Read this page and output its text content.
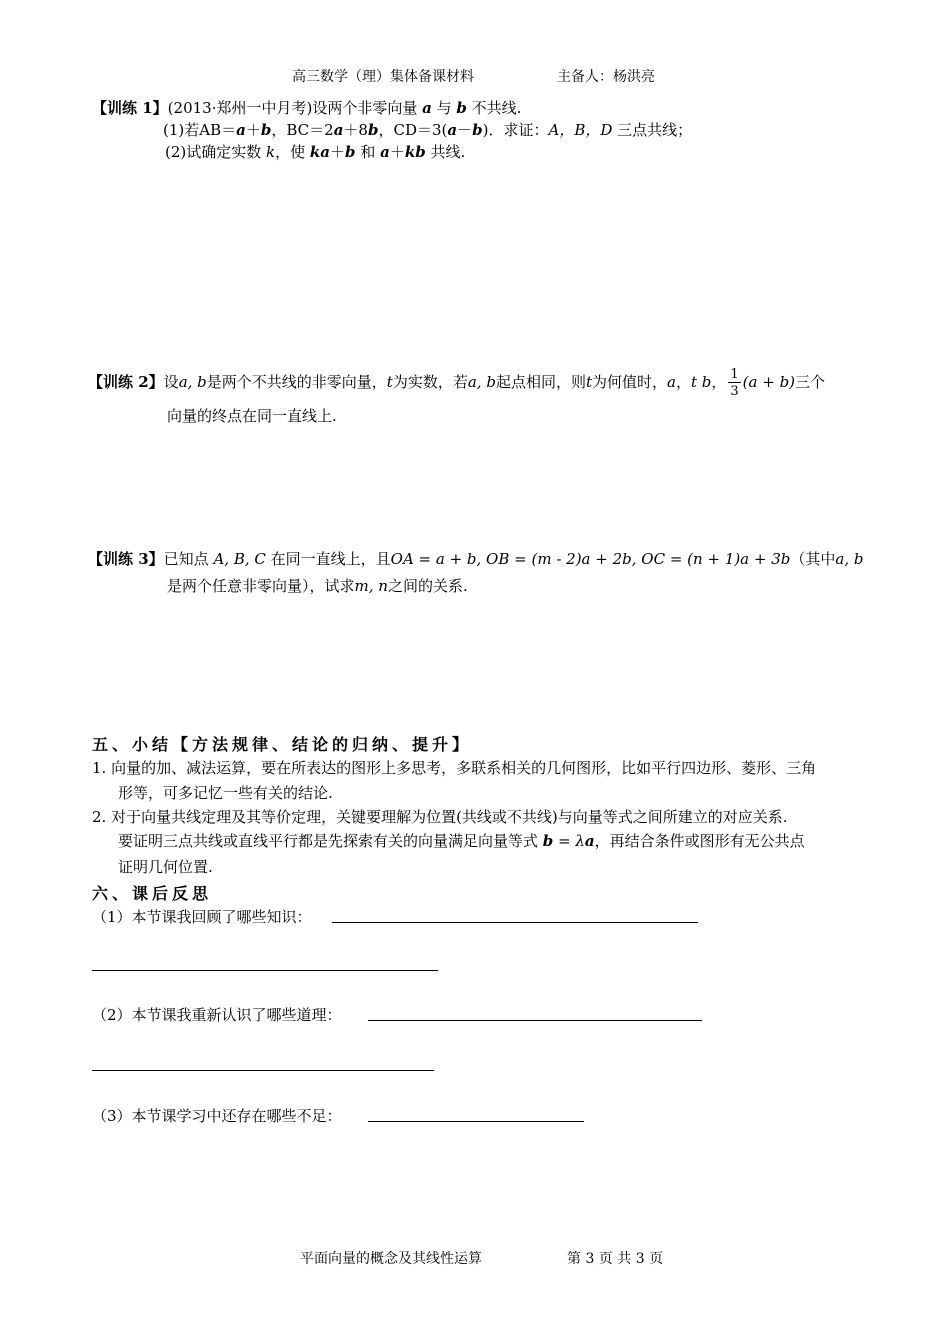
高三数学（理）集体备课材料	主备人：杨洪亮
【训练 1】(2013·郑州一中月考)设两个非零向量 a 与 b 不共线.
(1)若AB＝a＋b，BC＝2a＋8b，CD＝3(a－b)．求证：A，B，D 三点共线；
(2)试确定实数 k，使 ka＋b 和 a＋kb 共线.
【训练 2】设a, b是两个不共线的非零向量，t为实数，若a, b起点相同，则t为何值时，a，t b， $\frac{1}{3} (a + b)$三个
向量的终点在同一直线上.
【训练 3】已知点 A, B, C 在同一直线上，且OA = a + b, OB = (m - 2)a + 2b, OC = (n + 1)a + 3b（其中a, b
是两个任意非零向量），试求m, n之间的关系.
五、小结【方法规律、结论的归纳、提升】
1. 向量的加、减法运算，要在所表达的图形上多思考，多联系相关的几何图形，比如平行四边形、菱形、三角
形等，可多记忆一些有关的结论.
2. 对于向量共线定理及其等价定理，关键要理解为位置(共线或不共线)与向量等式之间所建立的对应关系.
要证明三点共线或直线平行都是先探索有关的向量满足向量等式 b = λa，再结合条件或图形有无公共点
证明几何位置.
六、课后反思
（1）本节课我回顾了哪些知识：
（2）本节课我重新认识了哪些道理：
（3）本节课学习中还存在哪些不足：
平面向量的概念及其线性运算	第 3 页 共 3 页
